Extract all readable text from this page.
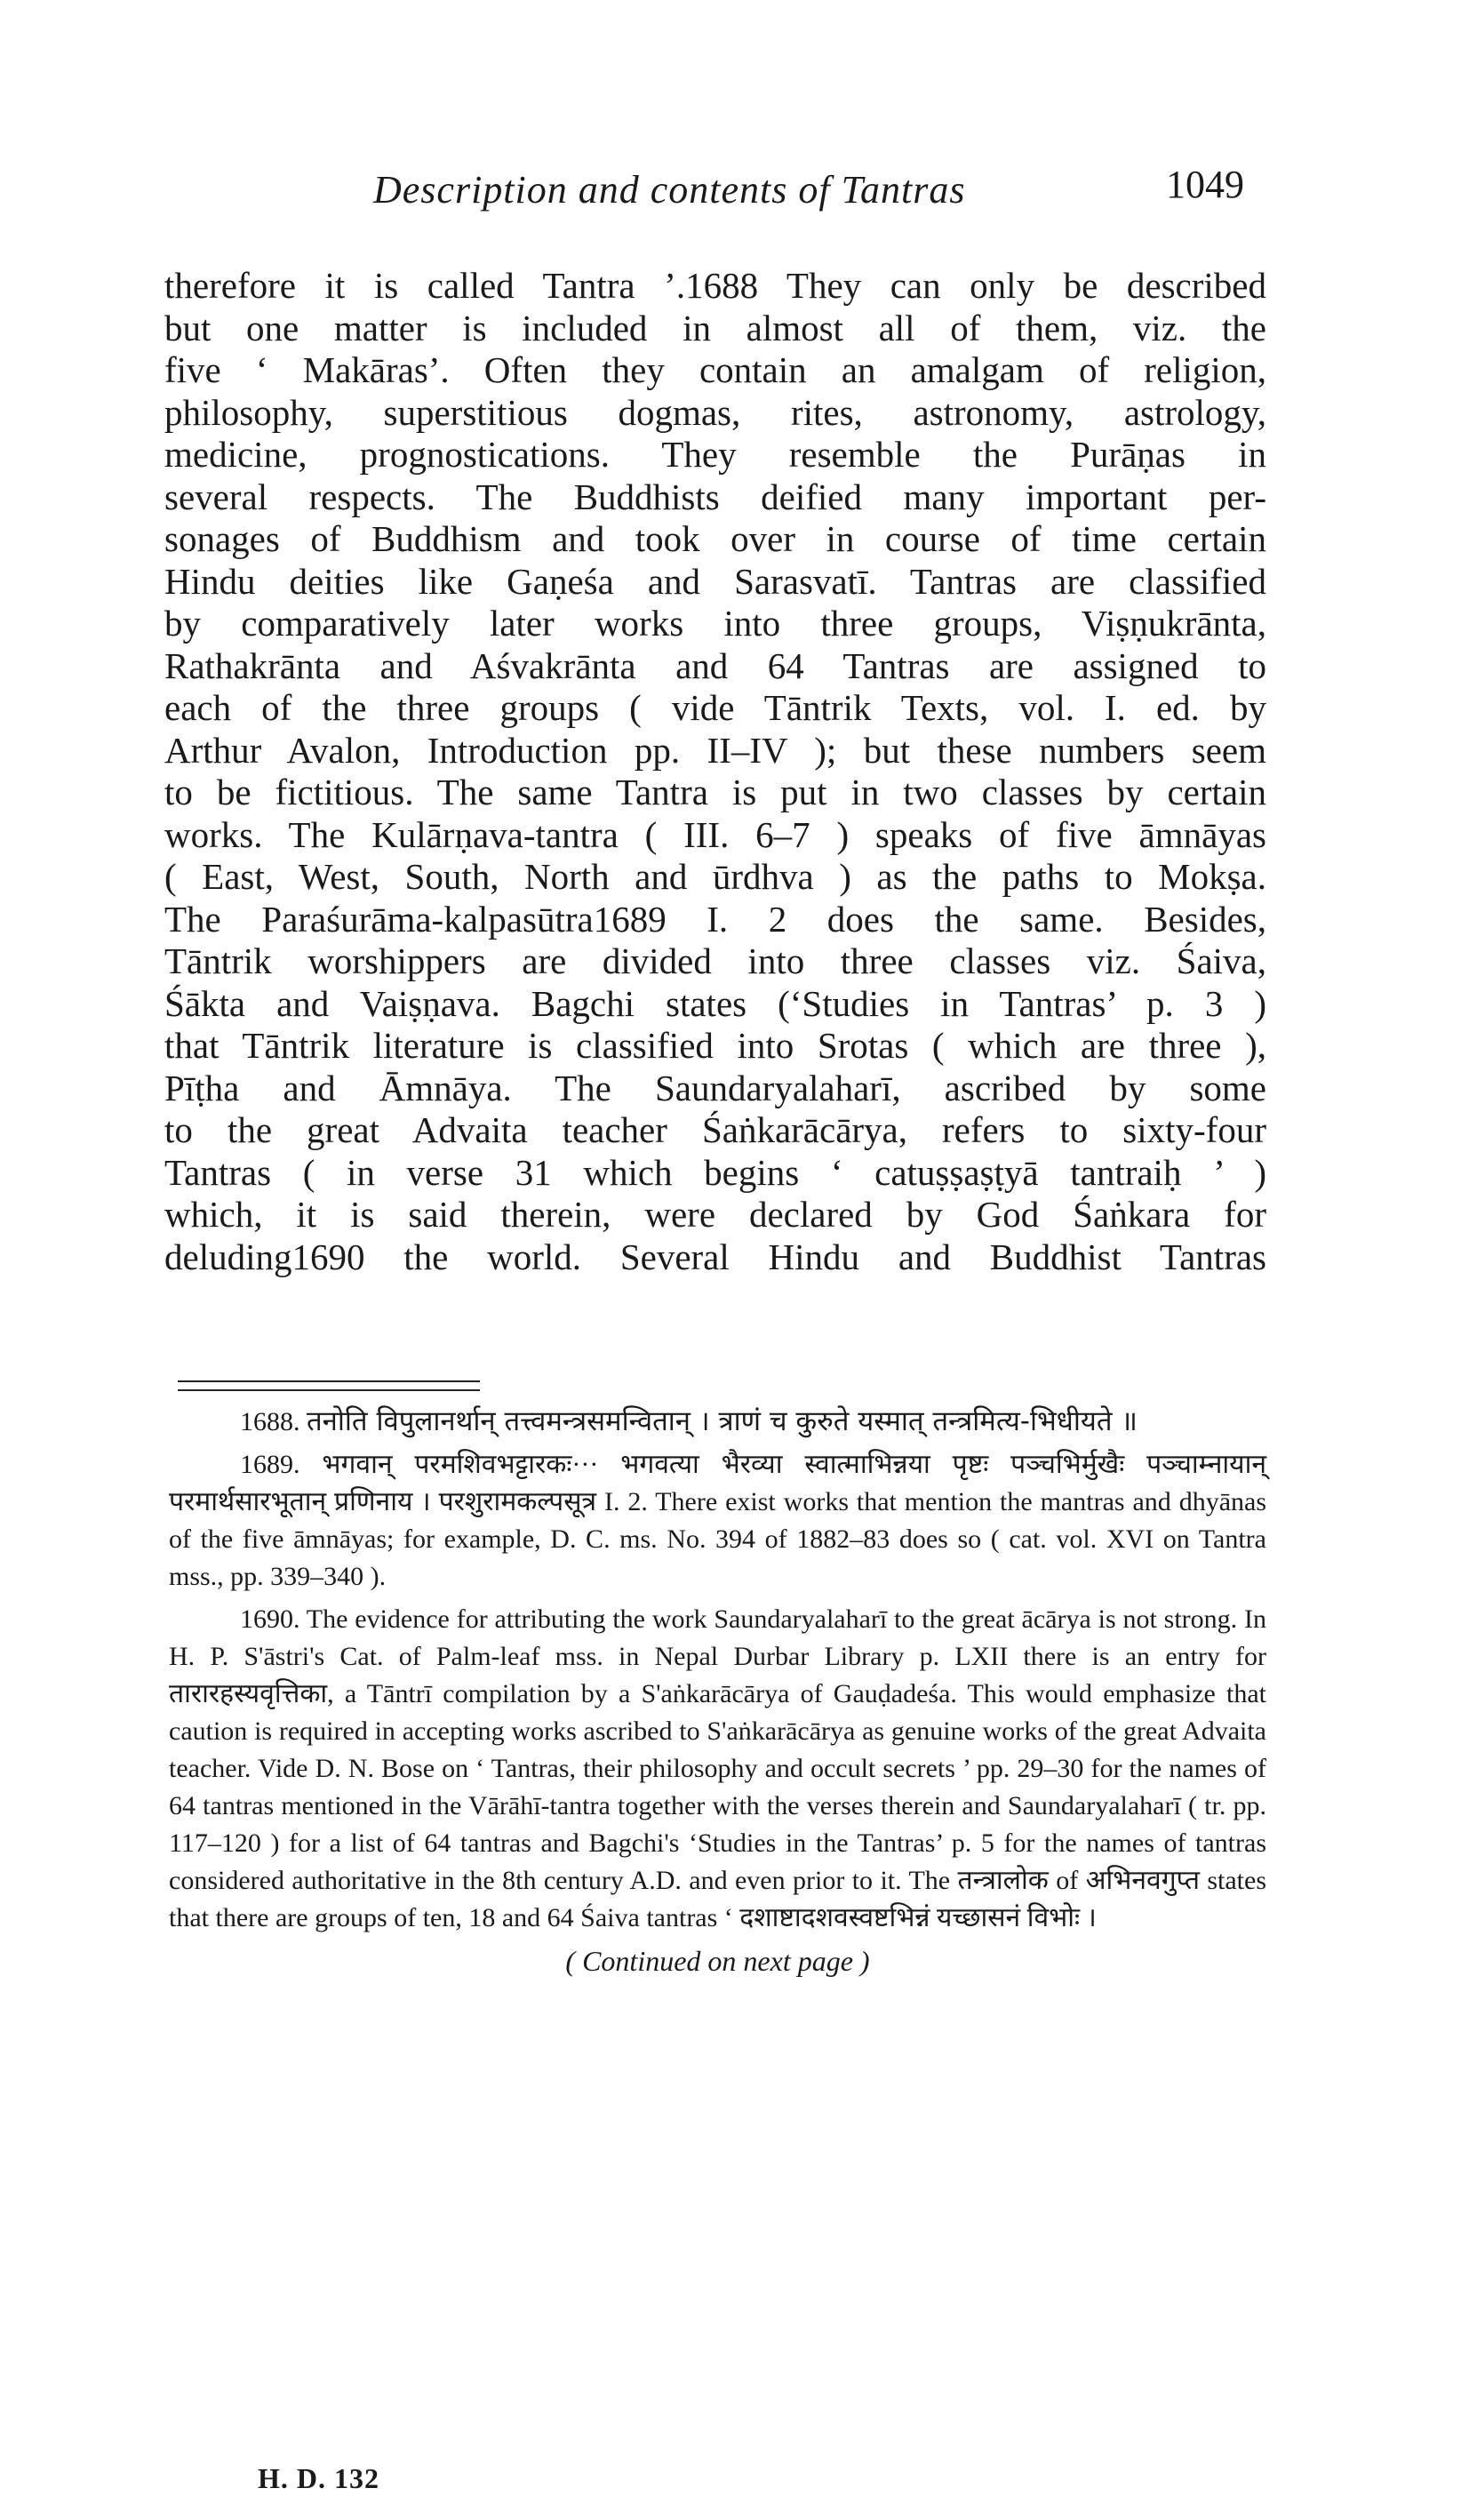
Description and contents of Tantras	1049
therefore it is called Tantra ’.1688 They can only be described
but one matter is included in almost all of them, viz. the
five ‘ Makāras’. Often they contain an amalgam of religion,
philosophy, superstitious dogmas, rites, astronomy, astrology,
medicine, prognostications. They resemble the Purāṇas in
several respects. The Buddhists deified many important per-
sonages of Buddhism and took over in course of time certain
Hindu deities like Gaṇeśa and Sarasvatī. Tantras are classified
by comparatively later works into three groups, Viṣṇukrānta,
Rathakrānta and Aśvakrānta and 64 Tantras are assigned to
each of the three groups ( vide Tāntrik Texts, vol. I. ed. by
Arthur Avalon, Introduction pp. II–IV ); but these numbers seem
to be fictitious. The same Tantra is put in two classes by certain
works. The Kulārṇava-tantra ( III. 6–7 ) speaks of five āmnāyas
( East, West, South, North and ūrdhva ) as the paths to Mokṣa.
The Paraśurāma-kalpasūtra1689 I. 2 does the same. Besides,
Tāntrik worshippers are divided into three classes viz. Śaiva,
Śākta and Vaiṣṇava. Bagchi states (‘Studies in Tantras’ p. 3 )
that Tāntrik literature is classified into Srotas ( which are three ),
Pīṭha and Āmnāya. The Saundaryalaharī, ascribed by some
to the great Advaita teacher Śaṅkarācārya, refers to sixty-four
Tantras ( in verse 31 which begins ‘ catuṣṣaṣṭyā tantraiḥ ’ )
which, it is said therein, were declared by God Śaṅkara for
deluding1690 the world. Several Hindu and Buddhist Tantras

1688. तनोति विपुलानर्थान् तत्त्वमन्त्रसमन्वितान् । त्राणं च कुरुते यस्मात् तन्त्रमित्य-भिधीयते ॥

1689. भगवान् परमशिवभट्टारकः··· भगवत्या भैरव्या स्वात्माभिन्नया पृष्टः पञ्चभिर्मुखैः पञ्चाम्नायान् परमार्थसारभूतान् प्रणिनाय । परशुरामकल्पसूत्र I. 2. There exist works that mention the mantras and dhyānas of the five āmnāyas; for example, D. C. ms. No. 394 of 1882–83 does so ( cat. vol. XVI on Tantra mss., pp. 339–340 ).

1690. The evidence for attributing the work Saundaryalaharī to the great ācārya is not strong. In H. P. S'āstri's Cat. of Palm-leaf mss. in Nepal Durbar Library p. LXII there is an entry for तारारहस्यवृत्तिका, a Tāntrī compilation by a S'aṅkarācārya of Gauḍadeśa. This would emphasize that caution is required in accepting works ascribed to S'aṅkarācārya as genuine works of the great Advaita teacher. Vide D. N. Bose on ‘ Tantras, their philosophy and occult secrets ’ pp. 29–30 for the names of 64 tantras mentioned in the Vārāhī-tantra together with the verses therein and Saundaryalaharī ( tr. pp. 117–120 ) for a list of 64 tantras and Bagchi's ‘Studies in the Tantras’ p. 5 for the names of tantras considered authoritative in the 8th century A.D. and even prior to it. The तन्त्रालोक of अभिनवगुप्त states that there are groups of ten, 18 and 64 Śaiva tantras ‘ दशाष्टादशवस्वष्टभिन्नं यच्छासनं विभोः ।

( Continued on next page )
H. D. 132
